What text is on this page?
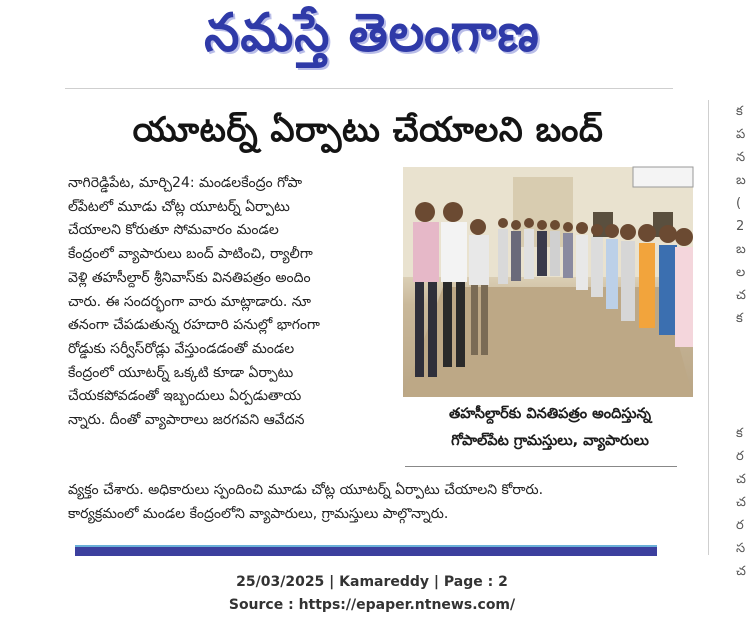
నమస్తే తెలంగాణ
యూటర్న్ ఏర్పాటు చేయాలని బంద్
నాగిరెడ్డిపేట, మార్చి24: మండలకేంద్రం గోపా
ల్‌పేటలో మూడు చోట్ల యూటర్న్ ఏర్పాటు
చేయాలని కోరుతూ సోమవారం మండల
కేంద్రంలో వ్యాపారులు బంద్ పాటించి, ర్యాలీగా
వెళ్లి తహసీల్దార్ శ్రీనివాస్‌కు వినతిపత్రం అందిం
చారు. ఈ సందర్భంగా వారు మాట్లాడారు. నూ
తనంగా చేపడుతున్న రహదారి పనుల్లో భాగంగా
రోడ్డుకు సర్వీస్‌రోడ్లు వేస్తుండడంతో మండల
కేంద్రంలో యూటర్న్ ఒక్కటి కూడా ఏర్పాటు
చేయకపోవడంతో ఇబ్బందులు ఏర్పడుతాయ
న్నారు. దీంతో వ్యాపారాలు జరగవని ఆవేదన	తహసీల్దార్‌కు వినతిపత్రం అందిస్తున్న
గోపాల్‌పేట గ్రామస్తులు, వ్యాపారులు
వ్యక్తం చేశారు. అధికారులు స్పందించి మూడు చోట్ల యూటర్న్ ఏర్పాటు చేయాలని కోరారు.
కార్యక్రమంలో మండల కేంద్రంలోని వ్యాపారులు, గ్రామస్తులు పాల్గొన్నారు.
క
ప
న
బ
(
2
బ
ల
చ
క

క
ర
చ
చ
ర
స
చ
25/03/2025 | Kamareddy | Page : 2
Source : https://epaper.ntnews.com/
